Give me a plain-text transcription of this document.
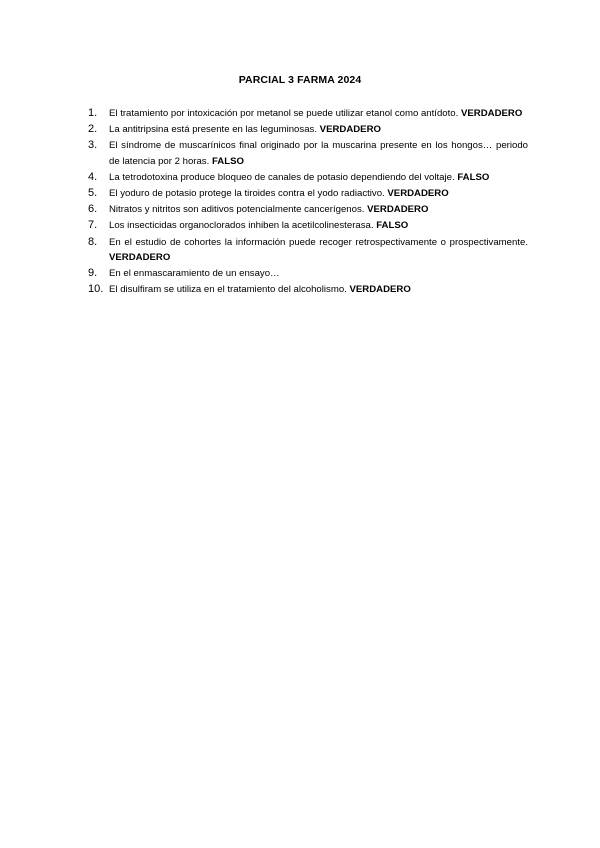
PARCIAL 3 FARMA 2024
1. El tratamiento por intoxicación por metanol se puede utilizar etanol como antídoto. VERDADERO
2. La antitripsina está presente en las leguminosas. VERDADERO
3. El síndrome de muscarínicos final originado por la muscarina presente en los hongos… periodo de latencia por 2 horas. FALSO
4. La tetrodotoxina produce bloqueo de canales de potasio dependiendo del voltaje. FALSO
5. El yoduro de potasio protege la tiroides contra el yodo radiactivo. VERDADERO
6. Nitratos y nitritos son aditivos potencialmente cancerígenos. VERDADERO
7. Los insecticidas organoclorados inhiben la acetilcolinesterasa. FALSO
8. En el estudio de cohortes la información puede recoger retrospectivamente o prospectivamente. VERDADERO
9. En el enmascaramiento de un ensayo…
10. El disulfiram se utiliza en el tratamiento del alcoholismo. VERDADERO
